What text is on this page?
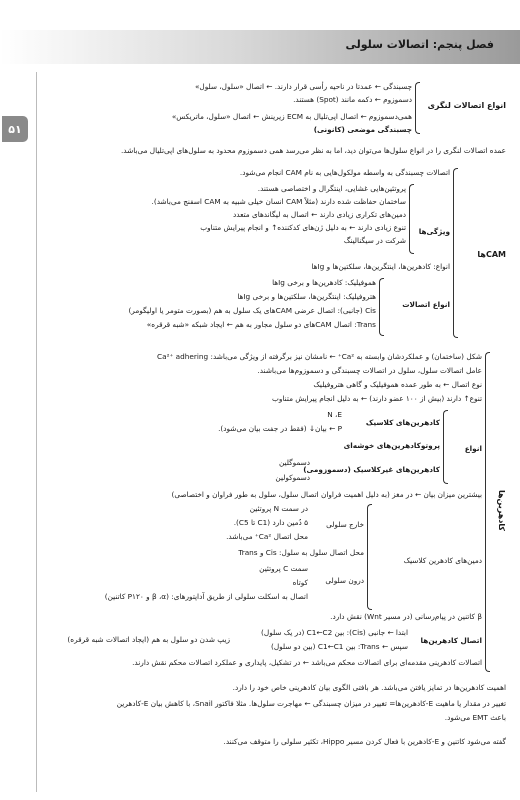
فصل پنجم: اتصالات سلولی
۵۱
انواع اتصالات لنگری
چسبندگی ← عمدتا در ناحیه رأسی قرار دارند. ← اتصال «سلول، سلول»
دسموزوم ← دکمه مانند (Spot) هستند.
همی‌دسموزوم ← اتصال اپی‌تلیال به ECM زیرینش ← اتصال «سلول، ماتریکس»
چسبندگی موضعی (کانونی)
عمده اتصالات لنگری را در انواع سلول‌ها می‌توان دید، اما به نظر می‌رسد همی دسموزوم محدود به سلول‌های اپی‌تلیال می‌باشد.
CAMها
اتصالات چسبندگی به واسطه مولکول‌هایی به نام CAM انجام می‌شود.
ویژگی‌ها
پروتئین‌هایی غشایی، اینتگرال و اختصاصی هستند.
ساختمان حفاظت شده دارند (مثلاً CAM انسان خیلی شبیه به CAM اسفنج می‌باشد).
دمین‌های تکراری زیادی دارند ← اتصال به لیگاندهای متعدد
تنوع زیادی دارند ← به دلیل ژن‌های کدکننده↑ و انجام پیرایش متناوب
شرکت در سیگنالینگ
انواع: کادهرین‌ها، اینتگرین‌ها، سلکتین‌ها و Igها
انواع اتصالات
هموفیلیک: کادهرین‌ها و برخی Igها
هتروفیلیک: اینتگرین‌ها، سلکتین‌ها و برخی Igها
Cis (جانبی): اتصال عرضی CAMهای یک سلول به هم (بصورت متومر یا اولیگومر)
Trans: اتصال CAMهای دو سلول مجاور به هم ← ایجاد شبکه «شبه قرقره»
کادهرین‌ها
شکل (ساختمان) و عملکردشان وابسته به Ca²⁺ ← نامشان نیز برگرفته از ویژگی می‌باشد: Ca²⁺ adhering
عامل اتصالات سلول، سلول در اتصالات چسبندگی و دسموزوم‌ها می‌باشند.
نوع اتصال ← به طور عمده هموفیلیک و گاهی هتروفیلیک
تنوع↑ دارند (بیش از ۱۰۰ عضو دارند) ← به دلیل انجام پیرایش متناوب
انواع
کادهرین‌های کلاسیک
N ،E
P ← بیان↓ (فقط در جفت بیان می‌شود).
پروتوکادهرین‌های خوشه‌ای
دسموگلین
کادهرین‌های غیرکلاسیک (دسموزومی)
دسموکولین
بیشترین میزان بیان ← در مغز (به دلیل اهمیت فراوان اتصال سلول، سلول به طور فراوان و اختصاصی)
دمین‌های کادهرین کلاسیک
خارج سلولی
در سمت N پروتئین
۵ دُمین دارد (C1 تا C5).
محل اتصال Ca²⁺ می‌باشد.
محل اتصال سلول به سلول: Cis و Trans
درون سلولی
سمت C پروتئین
کوتاه
اتصال به اسکلت سلولی از طریق آداپتورهای: (β ،α و P۱۲۰ کاتنین)
β کاتنین در پیام‌رسانی (در مسیر Wnt) نقش دارد.
اتصال کادهرین‌ها
ابتدا ← جانبی (Cis): بین C1←C2 (در یک سلول)
سپس ← Trans: بین C1←C1 (بین دو سلول)
زیپ شدن دو سلول به هم (ایجاد اتصالات شبه قرقره)
اتصالات کادهرینی مقدمه‌ای برای اتصالات محکم می‌باشد ← در تشکیل، پایداری و عملکرد اتصالات محکم نقش دارند.
اهمیت کادهرین‌ها در تمایز یافتن می‌باشد. هر بافتی الگوی بیان کادهرینی خاص خود را دارد.
تغییر در مقدار یا ماهیت E-کادهرین‌ها= تغییر در میزان چسبندگی ← مهاجرت سلول‌ها. مثلا فاکتور Snail، با کاهش بیان E-کادهرین
باعث EMT می‌شود.
گفته می‌شود کاتنین و E-کادهرین با فعال کردن مسیر Hippo، تکثیر سلولی را متوقف می‌کنند.
